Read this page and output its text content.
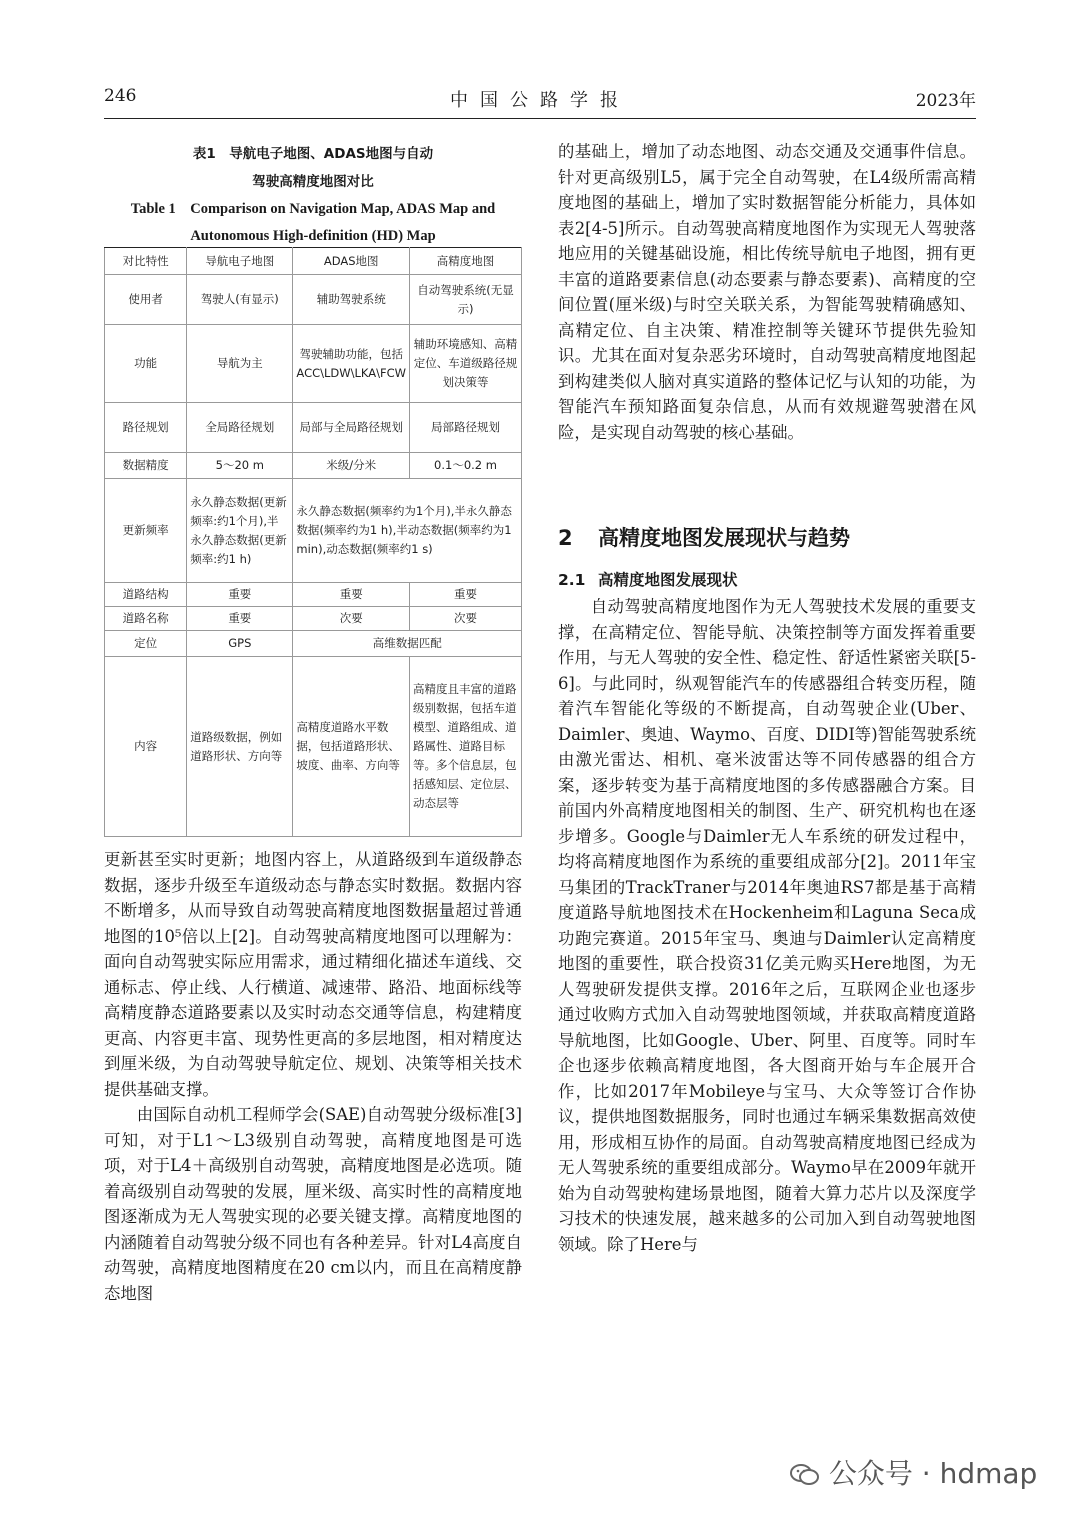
246	中国公路学报	2023年
表1　导航电子地图、ADAS地图与自动
驾驶高精度地图对比
Table 1　Comparison on Navigation Map, ADAS Map and
Autonomous High-definition (HD) Map
对比特性	导航电子地图	ADAS地图	高精度地图
使用者	驾驶人(有显示)	辅助驾驶系统	自动驾驶系统(无显示)
功能	导航为主	驾驶辅助功能，包括ACC\LDW\LKA\FCW	辅助环境感知、高精定位、车道级路径规划决策等
路径规划	全局路径规划	局部与全局路径规划	局部路径规划
数据精度	5～20 m	米级/分米	0.1～0.2 m
更新频率	永久静态数据(更新频率:约1个月),半永久静态数据(更新频率:约1 h)	永久静态数据(频率约为1个月),半永久静态数据(频率约为1 h),半动态数据(频率约为1 min),动态数据(频率约1 s)	
道路结构	重要	重要	重要
道路名称	重要	次要	次要
定位	GPS	高维数据匹配	
内容	道路级数据，例如道路形状、方向等	高精度道路水平数据，包括道路形状、坡度、曲率、方向等	高精度且丰富的道路级别数据，包括车道模型、道路组成、道路属性、道路目标等。多个信息层，包括感知层、定位层、动态层等

更新甚至实时更新；地图内容上，从道路级到车道级静态数据，逐步升级至车道级动态与静态实时数据。数据内容不断增多，从而导致自动驾驶高精度地图数据量超过普通地图的10⁵倍以上[2]。自动驾驶高精度地图可以理解为：面向自动驾驶实际应用需求，通过精细化描述车道线、交通标志、停止线、人行横道、减速带、路沿、地面标线等高精度静态道路要素以及实时动态交通等信息，构建精度更高、内容更丰富、现势性更高的多层地图，相对精度达到厘米级，为自动驾驶导航定位、规划、决策等相关技术提供基础支撑。

由国际自动机工程师学会(SAE)自动驾驶分级标准[3]可知，对于L1～L3级别自动驾驶，高精度地图是可选项，对于L4＋高级别自动驾驶，高精度地图是必选项。随着高级别自动驾驶的发展，厘米级、高实时性的高精度地图逐渐成为无人驾驶实现的必要关键支撑。高精度地图的内涵随着自动驾驶分级不同也有各种差异。针对L4高度自动驾驶，高精度地图精度在20 cm以内，而且在高精度静态地图

的基础上，增加了动态地图、动态交通及交通事件信息。针对更高级别L5，属于完全自动驾驶，在L4级所需高精度地图的基础上，增加了实时数据智能分析能力，具体如表2[4-5]所示。自动驾驶高精度地图作为实现无人驾驶落地应用的关键基础设施，相比传统导航电子地图，拥有更丰富的道路要素信息(动态要素与静态要素)、高精度的空间位置(厘米级)与时空关联关系，为智能驾驶精确感知、高精定位、自主决策、精准控制等关键环节提供先验知识。尤其在面对复杂恶劣环境时，自动驾驶高精度地图起到构建类似人脑对真实道路的整体记忆与认知的功能，为智能汽车预知路面复杂信息，从而有效规避驾驶潜在风险，是实现自动驾驶的核心基础。

2 高精度地图发展现状与趋势
2.1 高精度地图发展现状

自动驾驶高精度地图作为无人驾驶技术发展的重要支撑，在高精定位、智能导航、决策控制等方面发挥着重要作用，与无人驾驶的安全性、稳定性、舒适性紧密关联[5-6]。与此同时，纵观智能汽车的传感器组合转变历程，随着汽车智能化等级的不断提高，自动驾驶企业(Uber、Daimler、奥迪、Waymo、百度、DIDI等)智能驾驶系统由激光雷达、相机、毫米波雷达等不同传感器的组合方案，逐步转变为基于高精度地图的多传感器融合方案。目前国内外高精度地图相关的制图、生产、研究机构也在逐步增多。Google与Daimler无人车系统的研发过程中，均将高精度地图作为系统的重要组成部分[2]。2011年宝马集团的TrackTraner与2014年奥迪RS7都是基于高精度道路导航地图技术在Hockenheim和Laguna Seca成功跑完赛道。2015年宝马、奥迪与Daimler认定高精度地图的重要性，联合投资31亿美元购买Here地图，为无人驾驶研发提供支撑。2016年之后，互联网企业也逐步通过收购方式加入自动驾驶地图领域，并获取高精度道路导航地图，比如Google、Uber、阿里、百度等。同时车企也逐步依赖高精度地图，各大图商开始与车企展开合作，比如2017年Mobileye与宝马、大众等签订合作协议，提供地图数据服务，同时也通过车辆采集数据高效使用，形成相互协作的局面。自动驾驶高精度地图已经成为无人驾驶系统的重要组成部分。Waymo早在2009年就开始为自动驾驶构建场景地图，随着大算力芯片以及深度学习技术的快速发展，越来越多的公司加入到自动驾驶地图领域。除了Here与

公众号 · hdmap
